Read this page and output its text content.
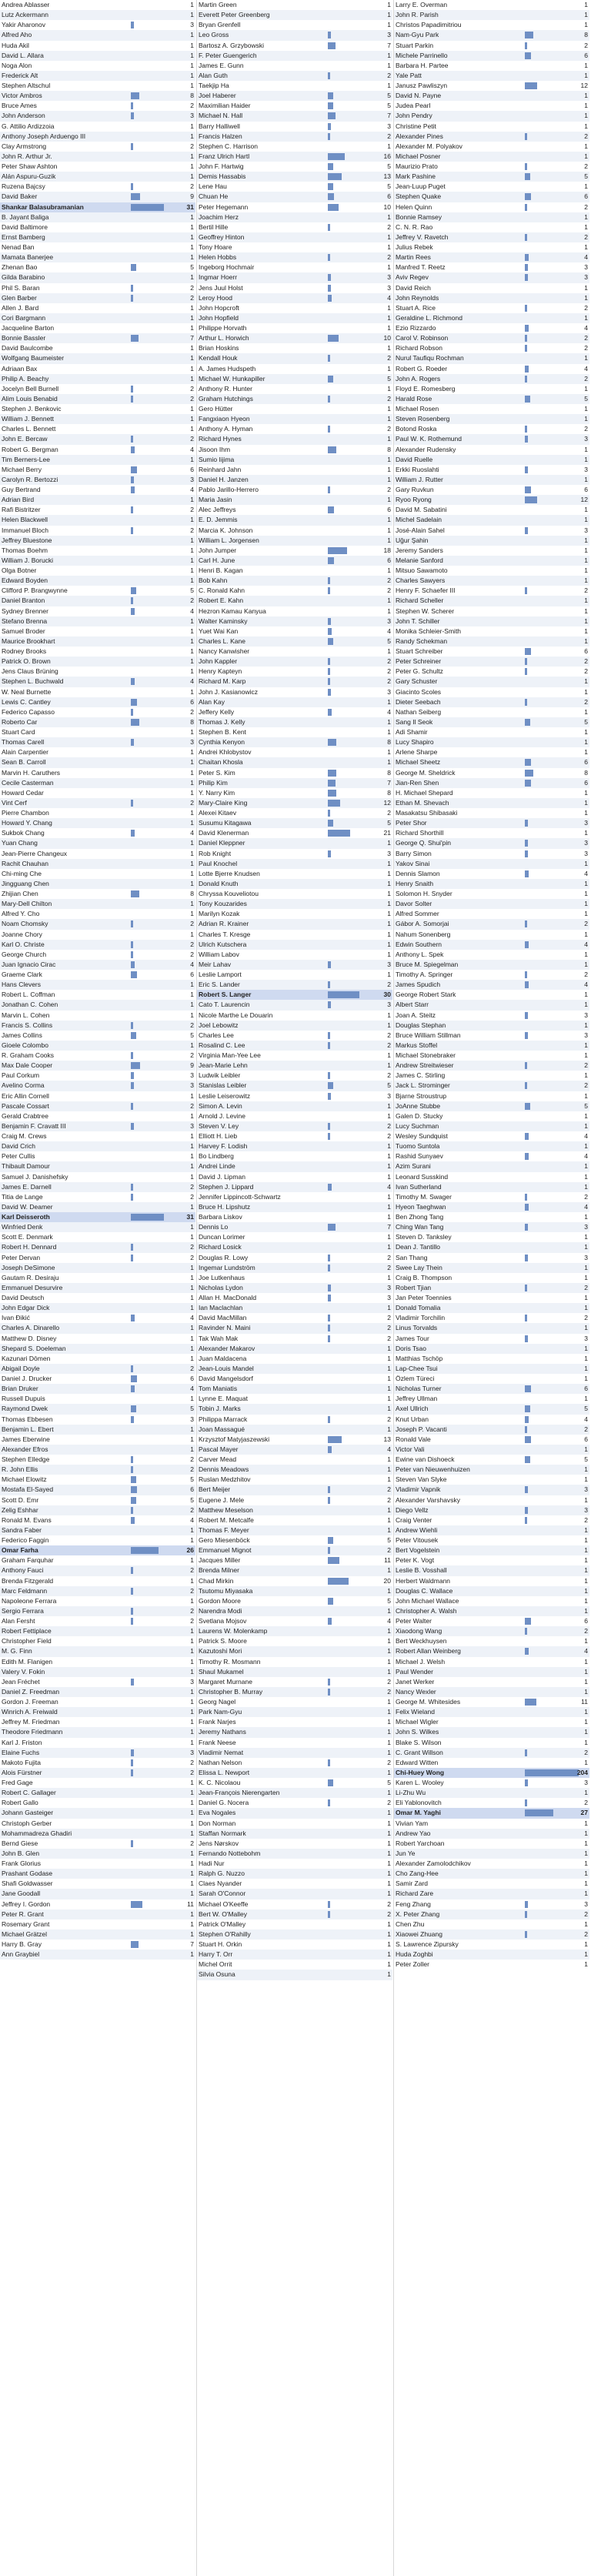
Andrea Ablasser	1
Lutz Ackermann	1
Yakir Aharonov	3
Alfred Aho	1
Huda Akil	1
David L. Allara	1
Noga Alon	1
Frederick Alt	1
Stephen Altschul	1
Victor Ambros	8
Bruce Ames	2
John Anderson	3
G. Attilio Ardizzoia	1
Anthony Joseph Arduengo III	1
Clay Armstrong	2
John R. Arthur Jr.	1
Peter Shaw Ashton	1
Alán Aspuru-Guzik	1
Ruzena Bajcsy	2
David Baker	9
Shankar Balasubramanian	31
B. Jayant Baliga	1
David Baltimore	1
Ernst Bamberg	1
Nenad Ban	1
Mamata Banerjee	1
Zhenan Bao	5
Gilda Barabino	1
Phil S. Baran	2
Glen Barber	2
Allen J. Bard	1
Cori Bargmann	1
Jacqueline Barton	1
Bonnie Bassler	7
David Baulcombe	1
Wolfgang Baumeister	1
Adriaan Bax	1
Philip A. Beachy	1
Jocelyn Bell Burnell	2
Alim Louis Benabid	2
Stephen J. Benkovic	1
William J. Bennett	1
Charles L. Bennett	1
John E. Bercaw	2
Robert G. Bergman	4
Tim Berners-Lee	1
Michael Berry	6
Carolyn R. Bertozzi	3
Guy Bertrand	4
Adrian Bird	1
Rafi Bistritzer	2
Helen Blackwell	1
Immanuel Bloch	2
Jeffrey Bluestone	1
Thomas Boehm	1
William J. Borucki	1
Olga Botner	1
Edward Boyden	1
Clifford P. Brangwynne	5
Daniel Branton	2
Sydney Brenner	4
Stefano Brenna	1
Samuel Broder	1
Maurice Brookhart	1
Rodney Brooks	1
Patrick O. Brown	1
Jens Claus Brüning	1
Stephen L. Buchwald	4
W. Neal Burnette	1
Lewis C. Cantley	6
Federico Capasso	2
Roberto Car	8
Stuart Card	1
Thomas Carell	3
Alain Carpentier	1
Sean B. Carroll	1
Marvin H. Caruthers	1
Cecile Casterman	1
Howard Cedar	1
Vint Cerf	2
Pierre Chambon	1
Howard Y. Chang	1
Sukbok Chang	4
Yuan Chang	1
Jean-Pierre Changeux	1
Rachit Chauhan	1
Chi-ming Che	1
Jingguang Chen	1
Zhijian Chen	8
Mary-Dell Chilton	1
Alfred Y. Cho	1
Noam Chomsky	2
Joanne Chory	1
Karl O. Christe	2
George Church	2
Juan Ignacio Cirac	4
Graeme Clark	6
Hans Clevers	1
Robert L. Coffman	1
Jonathan C. Cohen	1
Marvin L. Cohen	1
Francis S. Collins	2
James Collins	5
Gioele Colombo	1
R. Graham Cooks	2
Max Dale Cooper	9
Paul Corkum	3
Avelino Corma	3
Eric Allin Cornell	1
Pascale Cossart	2
Gerald Crabtree	1
Benjamin F. Cravatt III	3
Craig M. Crews	1
David Crich	1
Peter Cullis	1
Thibault Damour	1
Samuel J. Danishefsky	1
James E. Darnell	2
Titia de Lange	2
David W. Deamer	1
Karl Deisseroth	31
Winfried Denk	1
Scott E. Denmark	1
Robert H. Dennard	2
Peter Dervan	2
Joseph DeSimone	1
Gautam R. Desiraju	1
Emmanuel Desurvire	1
David Deutsch	1
John Edgar Dick	1
Ivan Đikić	4
Charles A. Dinarello	1
Matthew D. Disney	1
Shepard S. Doeleman	1
Kazunari Dōmen	1
Abigail Doyle	2
Daniel J. Drucker	6
Brian Druker	4
Russell Dupuis	1
Raymond Dwek	5
Thomas Ebbesen	3
Benjamin L. Ebert	1
James Eberwine	1
Alexander Efros	1
Stephen Elledge	2
R. John Ellis	2
Michael Elowitz	5
Mostafa El-Sayed	6
Scott D. Emr	5
Zelig Eshhar	2
Ronald M. Evans	4
Sandra Faber	1
Federico Faggin	1
Omar Farha	26
Graham Farquhar	1
Anthony Fauci	2
Brenda Fitzgerald	1
Marc Feldmann	2
Napoleone Ferrara	1
Sergio Ferrara	2
Alan Fersht	2
Robert Fettiplace	1
Christopher Field	1
M. G. Finn	1
Edith M. Flanigen	1
Valery V. Fokin	1
Jean Fréchet	3
Daniel Z. Freedman	1
Gordon J. Freeman	1
Winrich A. Freiwald	1
Jeffrey M. Friedman	1
Theodore Friedmann	1
Karl J. Friston	1
Elaine Fuchs	3
Makoto Fujita	2
Alois Fürstner	2
Fred Gage	1
Robert C. Gallager	1
Robert Gallo	1
Johann Gasteiger	1
Christoph Gerber	1
Mohammadreza Ghadiri	1
Bernd Giese	2
John B. Glen	1
Frank Glorius	1
Prashant Godase	1
Shafi Goldwasser	1
Jane Goodall	1
Jeffrey I. Gordon	11
Peter R. Grant	1
Rosemary Grant	1
Michael Grätzel	1
Harry B. Gray	7
Ann Graybiel	1
Martin Green	1
Everett Peter Greenberg	1
Bryan Grenfell	1
Leo Gross	3
Bartosz A. Grzybowski	7
F. Peter Guengerich	1
James E. Gunn	1
Alan Guth	2
Taekjip Ha	1
Joel Haberer	5
Maximilian Haider	5
Michael N. Hall	7
Barry Halliwell	3
Francis Halzen	2
Stephen C. Harrison	1
Franz Ulrich Hartl	16
John F. Hartwig	5
Demis Hassabis	13
Lene Hau	5
Chuan He	6
Peter Hegemann	10
Joachim Herz	1
Bertil Hille	2
Geoffrey Hinton	1
Tony Hoare	1
Helen Hobbs	2
Ingeborg Hochmair	1
Ingmar Hoerr	3
Jens Juul Holst	3
Leroy Hood	4
John Hopcroft	1
John Hopfield	1
Philippe Horvath	1
Arthur L. Horwich	10
Brian Hoskins	1
Kendall Houk	2
A. James Hudspeth	1
Michael W. Hunkapiller	5
Anthony R. Hunter	1
Graham Hutchings	2
Gero Hütter	1
Fangxiaon Hyeon	1
Anthony A. Hyman	2
Richard Hynes	1
Jisoon Ihm	8
Sumio Iijima	1
Reinhard Jahn	1
Daniel H. Janzen	1
Pablo Jarillo-Herrero	2
Maria Jasin	1
Alec Jeffreys	6
E. D. Jemmis	1
Marcia K. Johnson	1
William L. Jorgensen	1
John Jumper	18
Carl H. June	6
Henri B. Kagan	1
Bob Kahn	2
C. Ronald Kahn	2
Robert E. Kahn	1
Hezron Kamau Kanyua	1
Walter Kaminsky	3
Yuet Wai Kan	4
Charles L. Kane	5
Nancy Kanwisher	1
John Kappler	2
Henry Kapteyn	2
Richard M. Karp	2
John J. Kasianowicz	3
Alan Kay	1
Jeffery Kelly	4
Thomas J. Kelly	1
Stephen B. Kent	1
Cynthia Kenyon	8
Andrei Khlobystov	1
Chaitan Khosla	1
Peter S. Kim	8
Philip Kim	7
Y. Narry Kim	8
Mary-Claire King	12
Alexei Kitaev	2
Susumu Kitagawa	5
David Klenerman	21
Daniel Kleppner	1
Rob Knight	3
Paul Knochel	1
Lotte Bjerre Knudsen	1
Donald Knuth	1
Chryssa Kouveliotou	1
Tony Kouzarides	1
Marilyn Kozak	1
Adrian R. Krainer	1
Charles T. Kresge	1
Ulrich Kutschera	1
William Labov	1
Meir Lahav	3
Leslie Lamport	1
Eric S. Lander	2
Robert S. Langer	30
Cato T. Laurencin	3
Nicole Marthe Le Douarin	1
Joel Lebowitz	1
Charles Lee	2
Rosalind C. Lee	2
Virginia Man-Yee Lee	1
Jean-Marie Lehn	1
Ludwik Leibler	2
Stanislas Leibler	5
Leslie Leiserowitz	3
Simon A. Levin	1
Arnold J. Levine	1
Steven V. Ley	2
Elliott H. Lieb	2
Harvey F. Lodish	1
Bo Lindberg	1
Andrei Linde	1
David J. Lipman	1
Stephen J. Lippard	4
Jennifer Lippincott-Schwartz	1
Bruce H. Lipshutz	1
Barbara Liskov	1
Dennis Lo	7
Duncan Lorimer	1
Richard Losick	1
Douglas R. Lowy	2
Ingemar Lundström	2
Joe Lutkenhaus	1
Nicholas Lydon	3
Allan H. MacDonald	3
Ian Maclachlan	1
David MacMillan	2
Ravinder N. Maini	2
Tak Wah Mak	2
Alexander Makarov	1
Juan Maldacena	1
Jean-Louis Mandel	1
David Mangelsdorf	1
Tom Maniatis	1
Lynne E. Maquat	1
Tobin J. Marks	1
Philippa Marrack	2
Joan Massagué	1
Krzysztof Matyjaszewski	13
Pascal Mayer	4
Carver Mead	1
Dennis Meadows	1
Ruslan Medzhitov	1
Bert Meijer	2
Eugene J. Mele	2
Matthew Meselson	1
Robert M. Metcalfe	1
Thomas F. Meyer	1
Gero Miesenböck	5
Emmanuel Mignot	2
Jacques Miller	11
Brenda Milner	1
Chad Mirkin	20
Tsutomu Miyasaka	1
Gordon Moore	5
Narendra Modi	1
Svetlana Mojsov	4
Laurens W. Molenkamp	1
Patrick S. Moore	1
Kazutoshi Mori	1
Timothy R. Mosmann	1
Shaul Mukamel	1
Margaret Murnane	2
Christopher B. Murray	2
Georg Nagel	1
Park Nam-Gyu	1
Frank Narjes	1
Jeremy Nathans	1
Frank Neese	1
Vladimir Nemat	1
Nathan Nelson	2
Elissa L. Newport	1
K. C. Nicolaou	5
Jean-François Nierengarten	1
Daniel G. Nocera	2
Eva Nogales	1
Don Norman	1
Staffan Normark	1
Jens Nørskov	1
Fernando Nottebohm	1
Hadi Nur	1
Ralph G. Nuzzo	1
Claes Nyander	1
Sarah O'Connor	1
Michael O'Keeffe	2
Bert W. O'Malley	2
Patrick O'Malley	1
Stephen O'Rahilly	1
Stuart H. Orkin	1
Harry T. Orr	1
Michel Orrit	1
Silvia Osuna	1
Larry E. Overman	1
John R. Parish	1
Christos Papadimitriou	1
Nam-Gyu Park	8
Stuart Parkin	2
Michele Parrinello	6
Barbara H. Partee	1
Yale Patt	1
Janusz Pawliszyn	12
David N. Payne	1
Judea Pearl	1
John Pendry	1
Christine Petit	1
Alexander Pines	2
Alexander M. Polyakov	1
Michael Posner	1
Maurizio Prato	2
Mark Pashine	5
Jean-Luup Puget	1
Stephen Quake	6
Helen Quinn	2
Bonnie Ramsey	1
C. N. R. Rao	1
Jeffrey V. Ravetch	2
Julius Rebek	1
Martin Rees	4
Manfred T. Reetz	3
Aviv Regev	3
David Reich	1
John Reynolds	1
Stuart A. Rice	2
Geraldine L. Richmond	1
Ezio Rizzardo	4
Carol V. Robinson	2
Richard Robson	2
Nurul Taufiqu Rochman	1
Robert G. Roeder	4
John A. Rogers	2
Floyd E. Romesberg	1
Harald Rose	5
Michael Rosen	1
Steven Rosenberg	1
Botond Roska	2
Paul W. K. Rothemund	3
Alexander Rudensky	1
David Ruelle	1
Erkki Ruoslahti	3
William J. Rutter	1
Gary Ruvkun	6
Ryoo Ryong	12
David M. Sabatini	1
Michel Sadelain	1
José-Alain Sahel	3
Uğur Şahin	1
Jeremy Sanders	1
Melanie Sanford	1
Mitsuo Sawamoto	1
Charles Sawyers	1
Henry F. Schaefer III	2
Richard Scheller	1
Stephen W. Scherer	1
John T. Schiller	1
Monika Schleier-Smith	1
Randy Schekman	1
Stuart Schreiber	6
Peter Schreiner	2
Peter G. Schultz	2
Gary Schuster	1
Giacinto Scoles	1
Dieter Seebach	2
Nathan Seiberg	1
Sang Il Seok	5
Adi Shamir	1
Lucy Shapiro	1
Arlene Sharpe	1
Michael Sheetz	6
George M. Sheldrick	8
Jian-Ren Shen	6
H. Michael Shepard	1
Ethan M. Shevach	1
Masakatsu Shibasaki	1
Peter Shor	3
Richard Shorthill	1
George Q. Shui'pin	3
Barry Simon	3
Yakov Sinai	1
Dennis Slamon	4
Henry Snaith	1
Solomon H. Snyder	1
Davor Solter	1
Alfred Sommer	1
Gábor A. Somorjai	2
Nahum Sonenberg	1
Edwin Southern	4
Anthony L. Spek	1
Bruce M. Spiegelman	1
Timothy A. Springer	2
James Spudich	4
George Robert Stark	1
Albert Starr	1
Joan A. Steitz	3
Douglas Stephan	1
Bruce William Stillman	3
Markus Stoffel	1
Michael Stonebraker	1
Andrew Streitwieser	2
James C. Stirling	1
Jack L. Strominger	2
Bjarne Stroustrup	1
JoAnne Stubbe	5
Galen D. Stucky	1
Lucy Suchman	1
Wesley Sundquist	4
Tuomo Suntola	1
Rashid Sunyaev	4
Azim Surani	1
Leonard Susskind	1
Ivan Sutherland	1
Timothy M. Swager	2
Hyeon Taeghwan	4
Ben Zhong Tang	1
Ching Wan Tang	3
Steven D. Tanksley	1
Dean J. Tantillo	1
San Thang	3
Swee Lay Thein	1
Craig B. Thompson	1
Robert Tjian	2
Jan Peter Toennies	1
Donald Tomalia	1
Vladimir Torchilin	2
Linus Torvalds	1
James Tour	3
Doris Tsao	1
Matthias Tschöp	1
Lap-Chee Tsui	1
Özlem Türeci	1
Nicholas Turner	6
Jeffrey Ullman	1
Axel Ullrich	5
Knut Urban	4
Joseph P. Vacanti	2
Ronald Vale	6
Victor Vali	1
Ewine van Dishoeck	5
Peter van Nieuwenhuizen	1
Steven Van Slyke	1
Vladimir Vapnik	3
Alexander Varshavsky	1
Diego Vellz	3
Craig Venter	2
Andrew Wiehli	1
Peter Vitousek	1
Bert Vogelstein	1
Peter K. Vogt	1
Leslie B. Vosshall	1
Herbert Waldmann	1
Douglas C. Wallace	1
John Michael Wallace	1
Christopher A. Walsh	1
Peter Walter	6
Xiaodong Wang	2
Bert Weckhuysen	1
Robert Allan Weinberg	4
Michael J. Welsh	1
Paul Wender	1
Janet Werker	1
Nancy Wexler	1
George M. Whitesides	11
Felix Wieland	1
Michael Wigler	1
John S. Wilkes	1
Blake S. Wilson	1
C. Grant Willson	2
Edward Witten	1
Chi-Huey Wong	204
Karen L. Wooley	3
Li-Zhu Wu	1
Eli Yablonovitch	2
Omar M. Yaghi	27
Vivian Yam	1
Andrew Yao	1
Robert Yarchoan	1
Jun Ye	1
Alexander Zamolodchikov	1
Cho Zang-Hee	1
Samir Zard	1
Richard Zare	1
Feng Zhang	3
X. Peter Zhang	2
Chen Zhu	1
Xiaowei Zhuang	2
S. Lawrence Zipursky	1
Huda Zoghbi	1
Peter Zoller	1
